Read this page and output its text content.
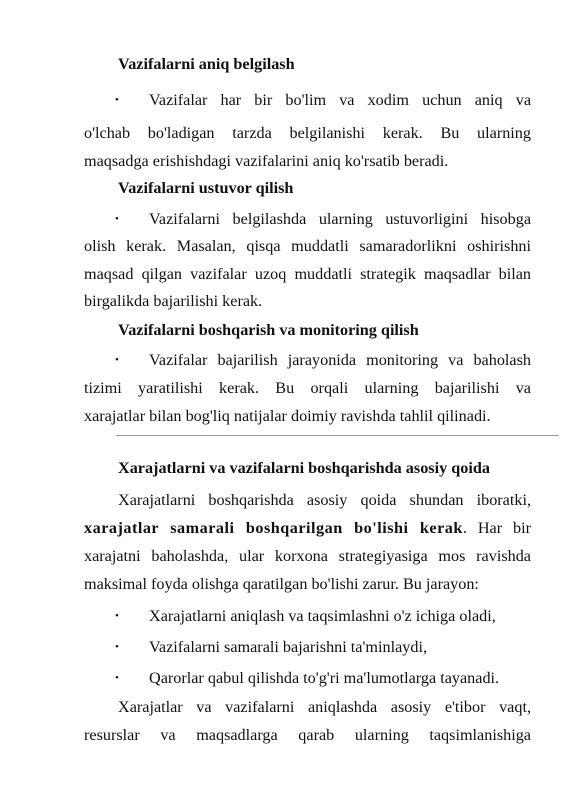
Vazifalarni aniq belgilash
• Vazifalar har bir bo'lim va xodim uchun aniq va
o'lchab bo'ladigan tarzda belgilanishi kerak. Bu ularning
maqsadga erishishdagi vazifalarini aniq ko'rsatib beradi.
Vazifalarni ustuvor qilish
• Vazifalarni belgilashda ularning ustuvorligini hisobga
olish kerak. Masalan, qisqa muddatli samaradorlikni oshirishni
maqsad qilgan vazifalar uzoq muddatli strategik maqsadlar bilan
birgalikda bajarilishi kerak.
Vazifalarni boshqarish va monitoring qilish
• Vazifalar bajarilish jarayonida monitoring va baholash
tizimi yaratilishi kerak. Bu orqali ularning bajarilishi va
xarajatlar bilan bog'liq natijalar doimiy ravishda tahlil qilinadi.
Xarajatlarni va vazifalarni boshqarishda asosiy qoida
Xarajatlarni boshqarishda asosiy qoida shundan iboratki,
xarajatlar samarali boshqarilgan bo'lishi kerak. Har bir
xarajatni baholashda, ular korxona strategiyasiga mos ravishda
maksimal foyda olishga qaratilgan bo'lishi zarur. Bu jarayon:
• Xarajatlarni aniqlash va taqsimlashni o'z ichiga oladi,
• Vazifalarni samarali bajarishni ta'minlaydi,
• Qarorlar qabul qilishda to'g'ri ma'lumotlarga tayanadi.
Xarajatlar va vazifalarni aniqlashda asosiy e'tibor vaqt,
resurslar va maqsadlarga qarab ularning taqsimlanishiga
